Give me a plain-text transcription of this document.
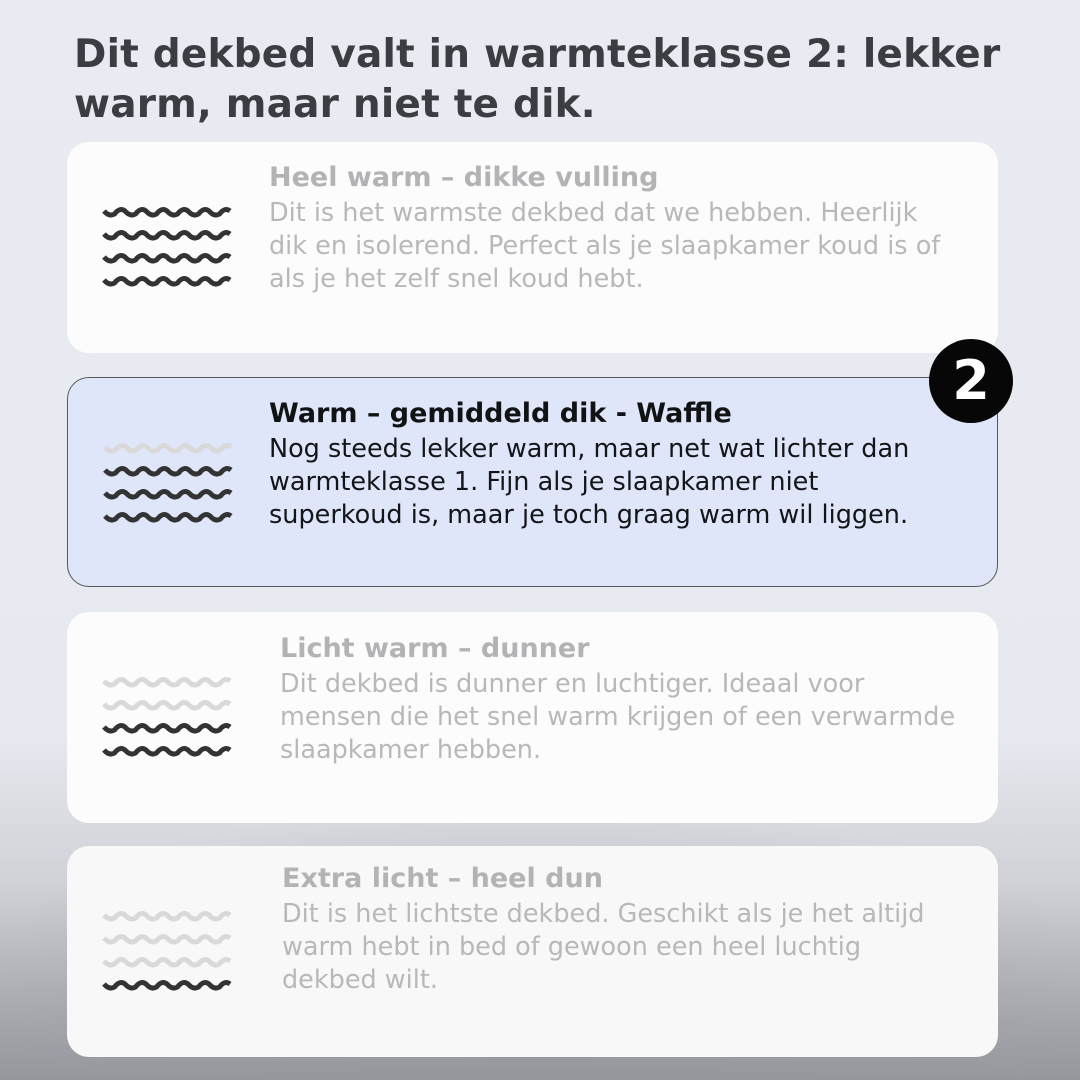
Dit dekbed valt in warmteklasse 2: lekker warm, maar niet te dik.

Heel warm – dikke vulling

Dit is het warmste dekbed dat we hebben. Heerlijk dik en isolerend. Perfect als je slaapkamer koud is of als je het zelf snel koud hebt.

Warm – gemiddeld dik - Waffle

Nog steeds lekker warm, maar net wat lichter dan warmteklasse 1. Fijn als je slaapkamer niet superkoud is, maar je toch graag warm wil liggen.

2

Licht warm – dunner

Dit dekbed is dunner en luchtiger. Ideaal voor mensen die het snel warm krijgen of een verwarmde slaapkamer hebben.

Extra licht – heel dun

Dit is het lichtste dekbed. Geschikt als je het altijd warm hebt in bed of gewoon een heel luchtig dekbed wilt.
